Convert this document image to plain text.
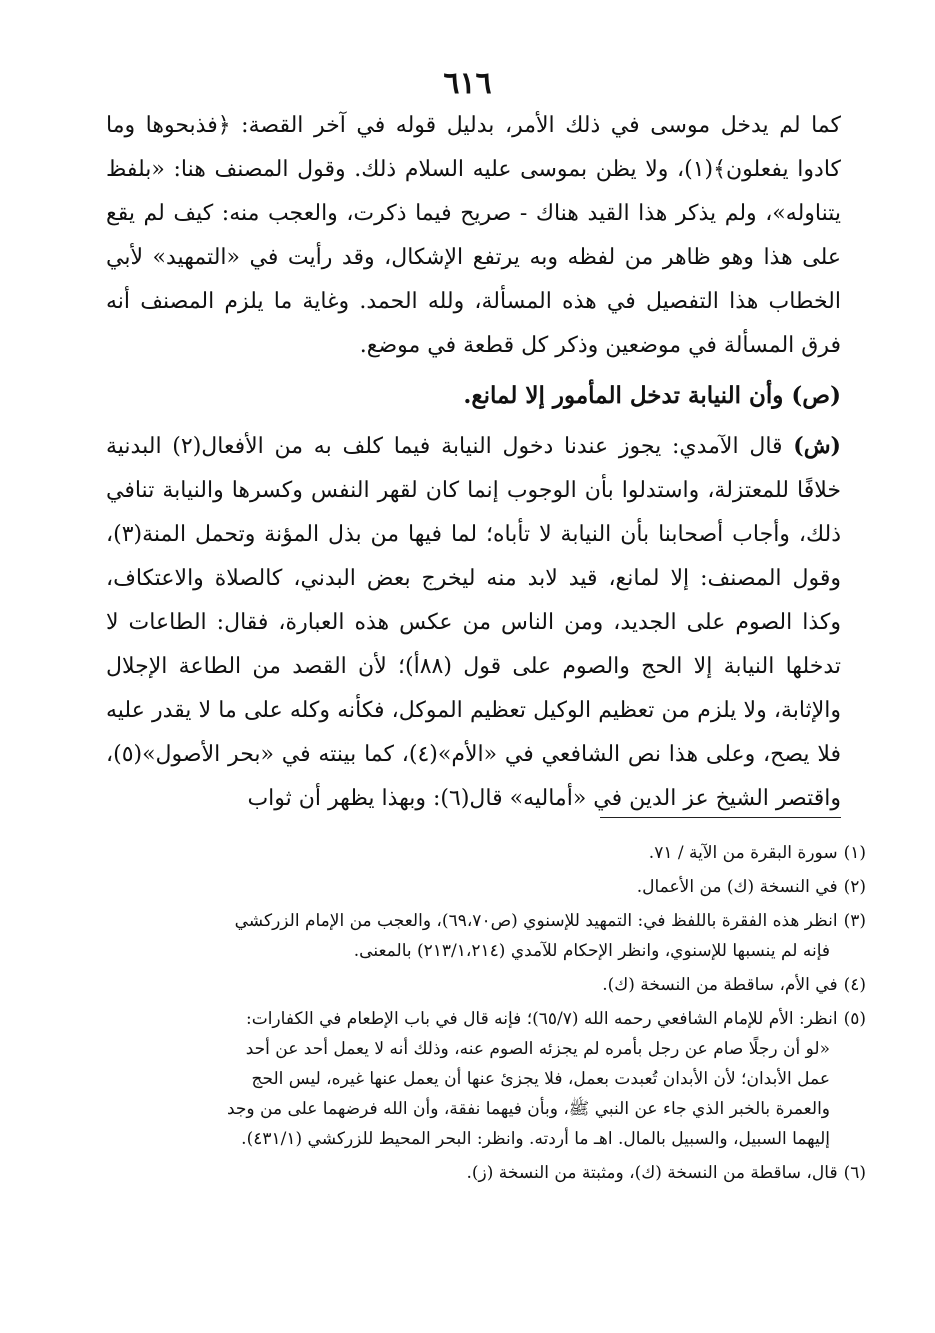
٦١٦

كما لم يدخل موسى في ذلك الأمر، بدليل قوله في آخر القصة: ﴿فذبحوها وما كادوا يفعلون﴾(١)، ولا يظن بموسى عليه السلام ذلك. وقول المصنف هنا: «بلفظ يتناوله»، ولم يذكر هذا القيد هناك - صريح فيما ذكرت، والعجب منه: كيف لم يقع على هذا وهو ظاهر من لفظه وبه يرتفع الإشكال، وقد رأيت في «التمهيد» لأبي الخطاب هذا التفصيل في هذه المسألة، ولله الحمد. وغاية ما يلزم المصنف أنه فرق المسألة في موضعين وذكر كل قطعة في موضع.

(ص) وأن النيابة تدخل المأمور إلا لمانع.

(ش) قال الآمدي: يجوز عندنا دخول النيابة فيما كلف به من الأفعال(٢) البدنية خلافًا للمعتزلة، واستدلوا بأن الوجوب إنما كان لقهر النفس وكسرها والنيابة تنافي ذلك، وأجاب أصحابنا بأن النيابة لا تأباه؛ لما فيها من بذل المؤنة وتحمل المنة(٣)، وقول المصنف: إلا لمانع، قيد لابد منه ليخرج بعض البدني، كالصلاة والاعتكاف، وكذا الصوم على الجديد، ومن الناس من عكس هذه العبارة، فقال: الطاعات لا تدخلها النيابة إلا الحج والصوم على قول (٨٨أ)؛ لأن القصد من الطاعة الإجلال والإثابة، ولا يلزم من تعظيم الوكيل تعظيم الموكل، فكأنه وكله على ما لا يقدر عليه فلا يصح، وعلى هذا نص الشافعي في «الأم»(٤)، كما بينته في «بحر الأصول»(٥)، واقتصر الشيخ عز الدين في «أماليه» قال(٦): وبهذا يظهر أن ثواب

(١)سورة البقرة من الآية / ٧١.
(٢)في النسخة (ك) من الأعمال.
(٣)انظر هذه الفقرة باللفظ في: التمهيد للإسنوي (ص٦٩،٧٠)، والعجب من الإمام الزركشي
فإنه لم ينسبها للإسنوي، وانظر الإحكام للآمدي (٢١٣/١،٢١٤) بالمعنى.
(٤)في الأم، ساقطة من النسخة (ك).
(٥)انظر: الأم للإمام الشافعي رحمه الله (٦٥/٧)؛ فإنه قال في باب الإطعام في الكفارات:
«لو أن رجلًا صام عن رجل بأمره لم يجزئه الصوم عنه، وذلك أنه لا يعمل أحد عن أحد
عمل الأبدان؛ لأن الأبدان تُعبدت بعمل، فلا يجزئ عنها أن يعمل عنها غيره، ليس الحج
والعمرة بالخبر الذي جاء عن النبي ﷺ، وبأن فيهما نفقة، وأن الله فرضهما على من وجد
إليهما السبيل، والسبيل بالمال. اهـ ما أردته. وانظر: البحر المحيط للزركشي (٤٣١/١).
(٦)قال، ساقطة من النسخة (ك)، ومثبتة من النسخة (ز).
